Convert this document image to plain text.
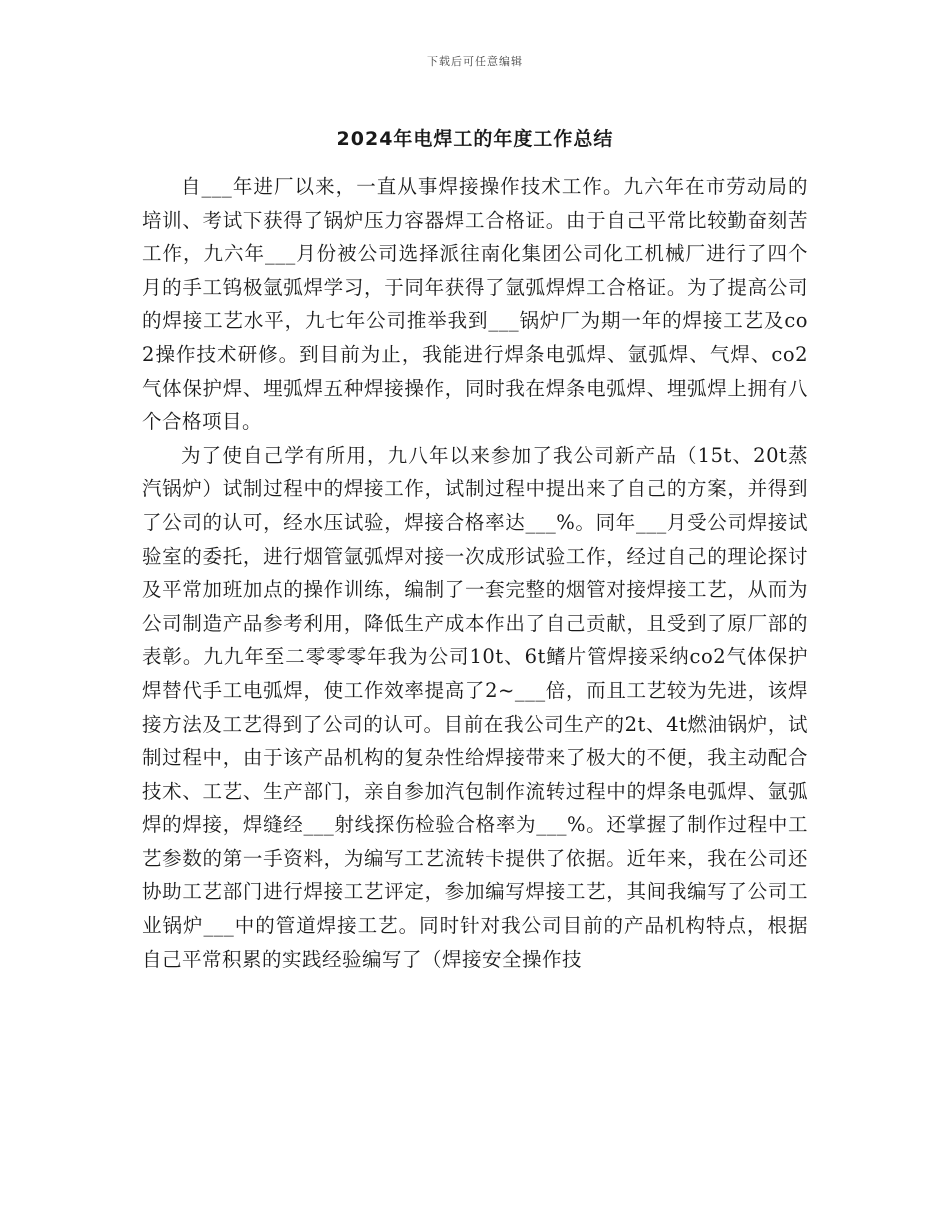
下载后可任意编辑
2024年电焊工的年度工作总结

自___年进厂以来，一直从事焊接操作技术工作。九六年在市劳动局的培训、考试下获得了锅炉压力容器焊工合格证。由于自己平常比较勤奋刻苦工作，九六年___月份被公司选择派往南化集团公司化工机械厂进行了四个月的手工钨极氩弧焊学习，于同年获得了氩弧焊焊工合格证。为了提高公司的焊接工艺水平，九七年公司推举我到___锅炉厂为期一年的焊接工艺及co2操作技术研修。到目前为止，我能进行焊条电弧焊、氩弧焊、气焊、co2气体保护焊、埋弧焊五种焊接操作，同时我在焊条电弧焊、埋弧焊上拥有八个合格项目。

为了使自己学有所用，九八年以来参加了我公司新产品（15t、20t蒸汽锅炉）试制过程中的焊接工作，试制过程中提出来了自己的方案，并得到了公司的认可，经水压试验，焊接合格率达___%。同年___月受公司焊接试验室的委托，进行烟管氩弧焊对接一次成形试验工作，经过自己的理论探讨及平常加班加点的操作训练，编制了一套完整的烟管对接焊接工艺，从而为公司制造产品参考利用，降低生产成本作出了自己贡献，且受到了原厂部的表彰。九九年至二零零零年我为公司10t、6t鳍片管焊接采纳co2气体保护焊替代手工电弧焊，使工作效率提高了2~___倍，而且工艺较为先进，该焊接方法及工艺得到了公司的认可。目前在我公司生产的2t、4t燃油锅炉，试制过程中，由于该产品机构的复杂性给焊接带来了极大的不便，我主动配合技术、工艺、生产部门，亲自参加汽包制作流转过程中的焊条电弧焊、氩弧焊的焊接，焊缝经___射线探伤检验合格率为___%。还掌握了制作过程中工艺参数的第一手资料，为编写工艺流转卡提供了依据。近年来，我在公司还协助工艺部门进行焊接工艺评定，参加编写焊接工艺，其间我编写了公司工业锅炉___中的管道焊接工艺。同时针对我公司目前的产品机构特点，根据自己平常积累的实践经验编写了（焊接安全操作技
